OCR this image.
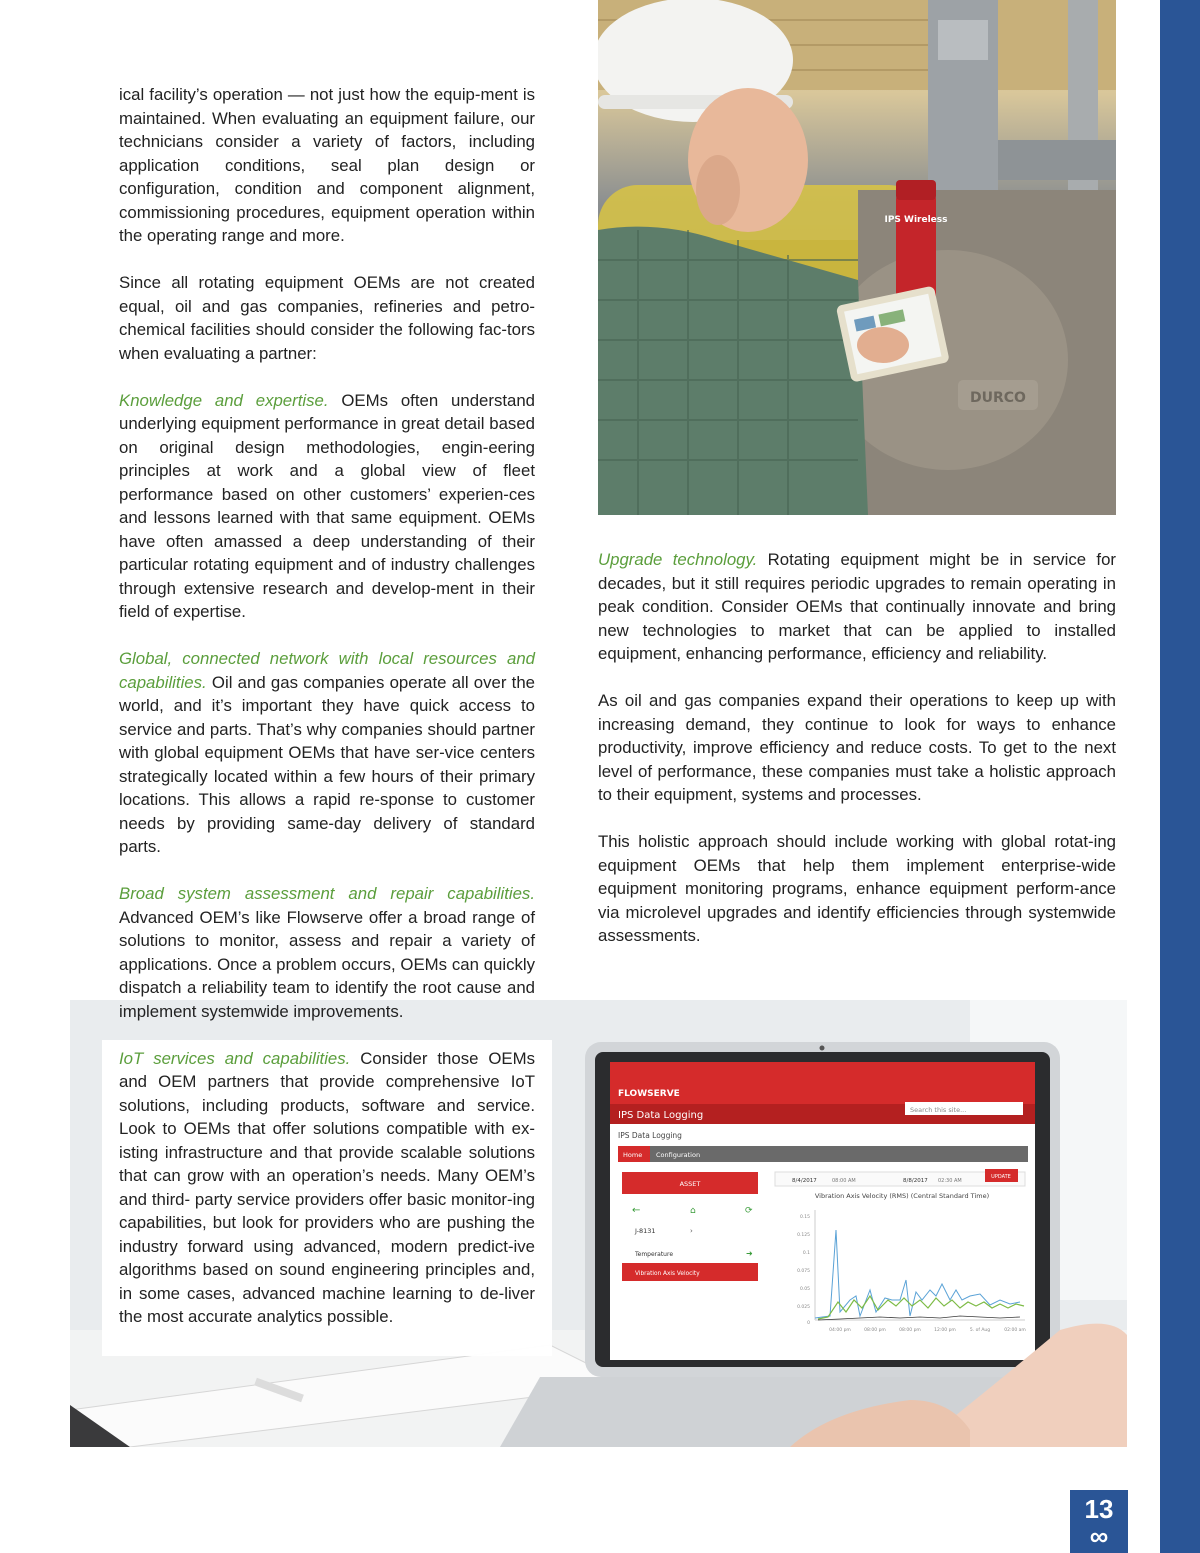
13
∞
DURCO
IPS Wireless
FLOWSERVE
IPS Data Logging	Search this site...
IPS Data Logging
Home Configuration
ASSET
←	⌂	⟳
J-8131	›
Temperature	➜
Vibration Axis Velocity
8/4/2017	08:00 AM	8/8/2017 02:30 AM
UPDATE
Vibration Axis Velocity (RMS) (Central Standard Time)
0.15
0.125
0.1
0.075
0.05
0.025
0
04:00 pm	08:00 pm	08:00 pm	12:00 pm	5. of Aug	02:00 am

ical facility’s operation — not just how the equip-ment is maintained. When evaluating an equipment failure, our technicians consider a variety of factors, including application conditions, seal plan design or configuration, condition and component alignment, commissioning procedures, equipment operation within the operating range and more.

Since all rotating equipment OEMs are not created equal, oil and gas companies, refineries and petro-chemical facilities should consider the following fac-tors when evaluating a partner:

Knowledge and expertise. OEMs often understand underlying equipment performance in great detail based on original design methodologies, engin-eering principles at work and a global view of fleet performance based on other customers’ experien-ces and lessons learned with that same equipment. OEMs have often amassed a deep understanding of their particular rotating equipment and of industry challenges through extensive research and develop-ment in their field of expertise.

Global, connected network with local resources and capabilities. Oil and gas companies operate all over the world, and it’s important they have quick access to service and parts. That’s why companies should partner with global equipment OEMs that have ser-vice centers strategically located within a few hours of their primary locations. This allows a rapid re-sponse to customer needs by providing same-day delivery of standard parts.

Broad system assessment and repair capabilities. Advanced OEM’s like Flowserve offer a broad range of solutions to monitor, assess and repair a variety of applications. Once a problem occurs, OEMs can quickly dispatch a reliability team to identify the root cause and implement systemwide improvements.

IoT services and capabilities. Consider those OEMs and OEM partners that provide comprehensive IoT solutions, including products, software and service. Look to OEMs that offer solutions compatible with ex-isting infrastructure and that provide scalable solutions that can grow with an operation’s needs. Many OEM’s and third- party service providers offer basic monitor-ing capabilities, but look for providers who are pushing the industry forward using advanced, modern predict-ive algorithms based on sound engineering principles and, in some cases, advanced machine learning to de-liver the most accurate analytics possible.

Upgrade technology. Rotating equipment might be in service for decades, but it still requires periodic upgrades to remain operating in peak condition. Consider OEMs that continually innovate and bring new technologies to market that can be applied to installed equipment, enhancing performance, efficiency and reliability.

As oil and gas companies expand their operations to keep up with increasing demand, they continue to look for ways to enhance productivity, improve efficiency and reduce costs. To get to the next level of performance, these companies must take a holistic approach to their equipment, systems and processes.

This holistic approach should include working with global rotat-ing equipment OEMs that help them implement enterprise-wide equipment monitoring programs, enhance equipment perform-ance via microlevel upgrades and identify efficiencies through systemwide assessments.
